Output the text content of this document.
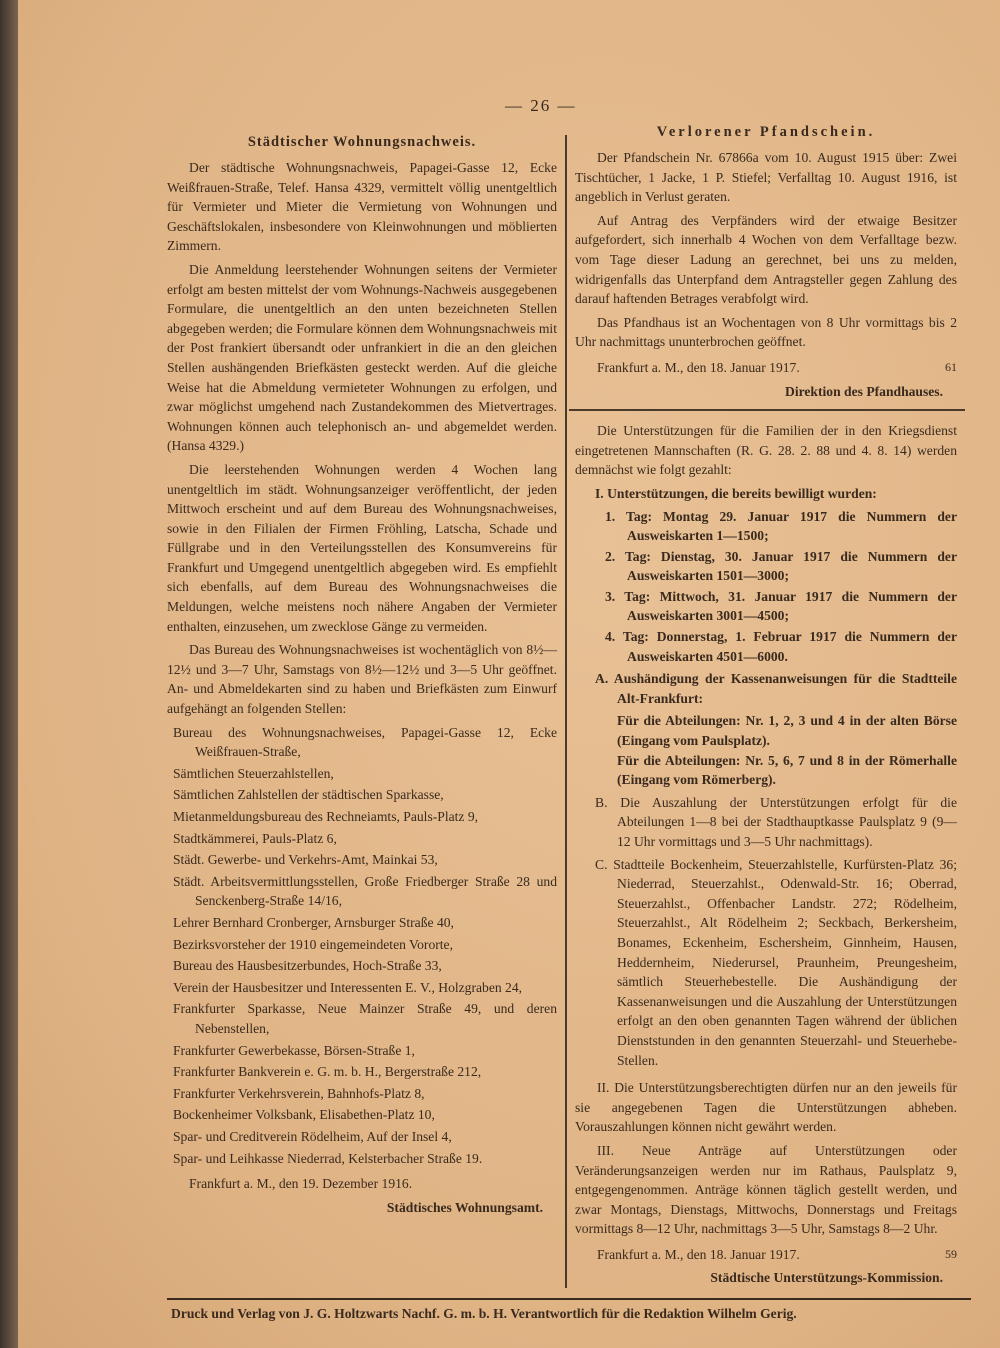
— 26 —
Städtischer Wohnungsnachweis.

Der städtische Wohnungsnachweis, Papagei-Gasse 12, Ecke Weißfrauen-Straße, Telef. Hansa 4329, vermittelt völlig unentgeltlich für Vermieter und Mieter die Vermietung von Wohnungen und Geschäftslokalen, insbesondere von Kleinwohnungen und möblierten Zimmern.

Die Anmeldung leerstehender Wohnungen seitens der Vermieter erfolgt am besten mittelst der vom Wohnungs-Nachweis ausgegebenen Formulare, die unentgeltlich an den unten bezeichneten Stellen abgegeben werden; die Formulare können dem Wohnungsnachweis mit der Post frankiert übersandt oder unfrankiert in die an den gleichen Stellen aushängenden Briefkästen gesteckt werden. Auf die gleiche Weise hat die Abmeldung vermieteter Wohnungen zu erfolgen, und zwar möglichst umgehend nach Zustandekommen des Mietvertrages. Wohnungen können auch telephonisch an- und abgemeldet werden. (Hansa 4329.)

Die leerstehenden Wohnungen werden 4 Wochen lang unentgeltlich im städt. Wohnungsanzeiger veröffentlicht, der jeden Mittwoch erscheint und auf dem Bureau des Wohnungsnachweises, sowie in den Filialen der Firmen Fröhling, Latscha, Schade und Füllgrabe und in den Verteilungsstellen des Konsumvereins für Frankfurt und Umgegend unentgeltlich abgegeben wird. Es empfiehlt sich ebenfalls, auf dem Bureau des Wohnungsnachweises die Meldungen, welche meistens noch nähere Angaben der Vermieter enthalten, einzusehen, um zwecklose Gänge zu vermeiden.

Das Bureau des Wohnungsnachweises ist wochentäglich von 8½—12½ und 3—7 Uhr, Samstags von 8½—12½ und 3—5 Uhr geöffnet. An- und Abmeldekarten sind zu haben und Briefkästen zum Einwurf aufgehängt an folgenden Stellen:

Bureau des Wohnungsnachweises, Papagei-Gasse 12, Ecke Weißfrauen-Straße,
Sämtlichen Steuerzahlstellen,
Sämtlichen Zahlstellen der städtischen Sparkasse,
Mietanmeldungsbureau des Rechneiamts, Pauls-Platz 9,
Stadtkämmerei, Pauls-Platz 6,
Städt. Gewerbe- und Verkehrs-Amt, Mainkai 53,
Städt. Arbeitsvermittlungsstellen, Große Friedberger Straße 28 und Senckenberg-Straße 14/16,
Lehrer Bernhard Cronberger, Arnsburger Straße 40,
Bezirksvorsteher der 1910 eingemeindeten Vororte,
Bureau des Hausbesitzerbundes, Hoch-Straße 33,
Verein der Hausbesitzer und Interessenten E. V., Holzgraben 24,
Frankfurter Sparkasse, Neue Mainzer Straße 49, und deren Nebenstellen,
Frankfurter Gewerbekasse, Börsen-Straße 1,
Frankfurter Bankverein e. G. m. b. H., Bergerstraße 212,
Frankfurter Verkehrsverein, Bahnhofs-Platz 8,
Bockenheimer Volksbank, Elisabethen-Platz 10,
Spar- und Creditverein Rödelheim, Auf der Insel 4,
Spar- und Leihkasse Niederrad, Kelsterbacher Straße 19.
Frankfurt a. M., den 19. Dezember 1916.
Städtisches Wohnungsamt.
Verlorener Pfandschein.

Der Pfandschein Nr. 67866a vom 10. August 1915 über: Zwei Tischtücher, 1 Jacke, 1 P. Stiefel; Verfalltag 10. August 1916, ist angeblich in Verlust geraten.

Auf Antrag des Verpfänders wird der etwaige Besitzer aufgefordert, sich innerhalb 4 Wochen von dem Verfalltage bezw. vom Tage dieser Ladung an gerechnet, bei uns zu melden, widrigenfalls das Unterpfand dem Antragsteller gegen Zahlung des darauf haftenden Betrages verabfolgt wird.

Das Pfandhaus ist an Wochentagen von 8 Uhr vormittags bis 2 Uhr nachmittags ununterbrochen geöffnet.

Frankfurt a. M., den 18. Januar 1917.	61
Direktion des Pfandhauses.

Die Unterstützungen für die Familien der in den Kriegsdienst eingetretenen Mannschaften (R. G. 28. 2. 88 und 4. 8. 14) werden demnächst wie folgt gezahlt:

I. Unterstützungen, die bereits bewilligt wurden:
1. Tag: Montag 29. Januar 1917 die Nummern der Ausweiskarten 1—1500;
2. Tag: Dienstag, 30. Januar 1917 die Nummern der Ausweiskarten 1501—3000;
3. Tag: Mittwoch, 31. Januar 1917 die Nummern der Ausweiskarten 3001—4500;
4. Tag: Donnerstag, 1. Februar 1917 die Nummern der Ausweiskarten 4501—6000.
A. Aushändigung der Kassenanweisungen für die Stadtteile Alt-Frankfurt:
Für die Abteilungen: Nr. 1, 2, 3 und 4 in der alten Börse (Eingang vom Paulsplatz).
Für die Abteilungen: Nr. 5, 6, 7 und 8 in der Römerhalle (Eingang vom Römerberg).
B. Die Auszahlung der Unterstützungen erfolgt für die Abteilungen 1—8 bei der Stadthauptkasse Paulsplatz 9 (9—12 Uhr vormittags und 3—5 Uhr nachmittags).
C. Stadtteile Bockenheim, Steuerzahlstelle, Kurfürsten-Platz 36; Niederrad, Steuerzahlst., Odenwald-Str. 16; Oberrad, Steuerzahlst., Offenbacher Landstr. 272; Rödelheim, Steuerzahlst., Alt Rödelheim 2; Seckbach, Berkersheim, Bonames, Eckenheim, Eschersheim, Ginnheim, Hausen, Heddernheim, Niederursel, Praunheim, Preungesheim, sämtlich Steuerhebestelle. Die Aushändigung der Kassenanweisungen und die Auszahlung der Unterstützungen erfolgt an den oben genannten Tagen während der üblichen Dienststunden in den genannten Steuerzahl- und Steuerhebe-Stellen.

II. Die Unterstützungsberechtigten dürfen nur an den jeweils für sie angegebenen Tagen die Unterstützungen abheben. Vorauszahlungen können nicht gewährt werden.

III. Neue Anträge auf Unterstützungen oder Veränderungsanzeigen werden nur im Rathaus, Paulsplatz 9, entgegengenommen. Anträge können täglich gestellt werden, und zwar Montags, Dienstags, Mittwochs, Donnerstags und Freitags vormittags 8—12 Uhr, nachmittags 3—5 Uhr, Samstags 8—2 Uhr.

Frankfurt a. M., den 18. Januar 1917.	59
Städtische Unterstützungs-Kommission.
Druck und Verlag von J. G. Holtzwarts Nachf. G. m. b. H. Verantwortlich für die Redaktion Wilhelm Gerig.
